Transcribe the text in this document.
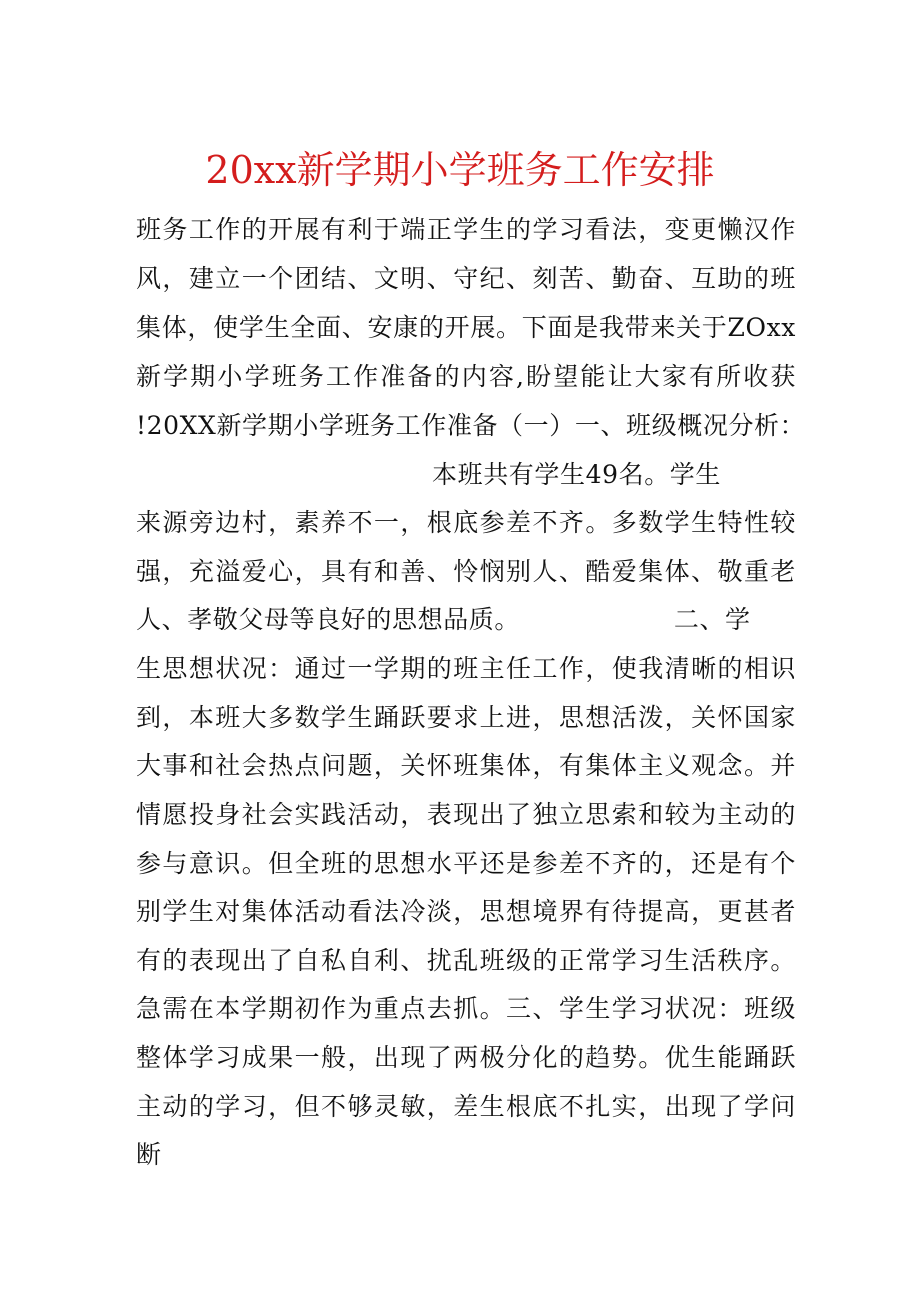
20xx新学期小学班务工作安排
班务工作的开展有利于端正学生的学习看法，变更懒汉作
风，建立一个团结、文明、守纪、刻苦、勤奋、互助的班
集体，使学生全面、安康的开展。下面是我带来关于ZOxx
新学期小学班务工作准备的内容,盼望能让大家有所收获
!20XX新学期小学班务工作准备（一）一、班级概况分析：
本班共有学生49名。学生
来源旁边村，素养不一，根底参差不齐。多数学生特性较
强，充溢爱心，具有和善、怜悯别人、酷爱集体、敬重老
人、孝敬父母等良好的思想品质。                  二、学
生思想状况：通过一学期的班主任工作，使我清晰的相识
到，本班大多数学生踊跃要求上进，思想活泼，关怀国家
大事和社会热点问题，关怀班集体，有集体主义观念。并
情愿投身社会实践活动，表现出了独立思索和较为主动的
参与意识。但全班的思想水平还是参差不齐的，还是有个
别学生对集体活动看法冷淡，思想境界有待提高，更甚者
有的表现出了自私自利、扰乱班级的正常学习生活秩序。
急需在本学期初作为重点去抓。三、学生学习状况：班级
整体学习成果一般，出现了两极分化的趋势。优生能踊跃
主动的学习，但不够灵敏，差生根底不扎实，出现了学问
断
